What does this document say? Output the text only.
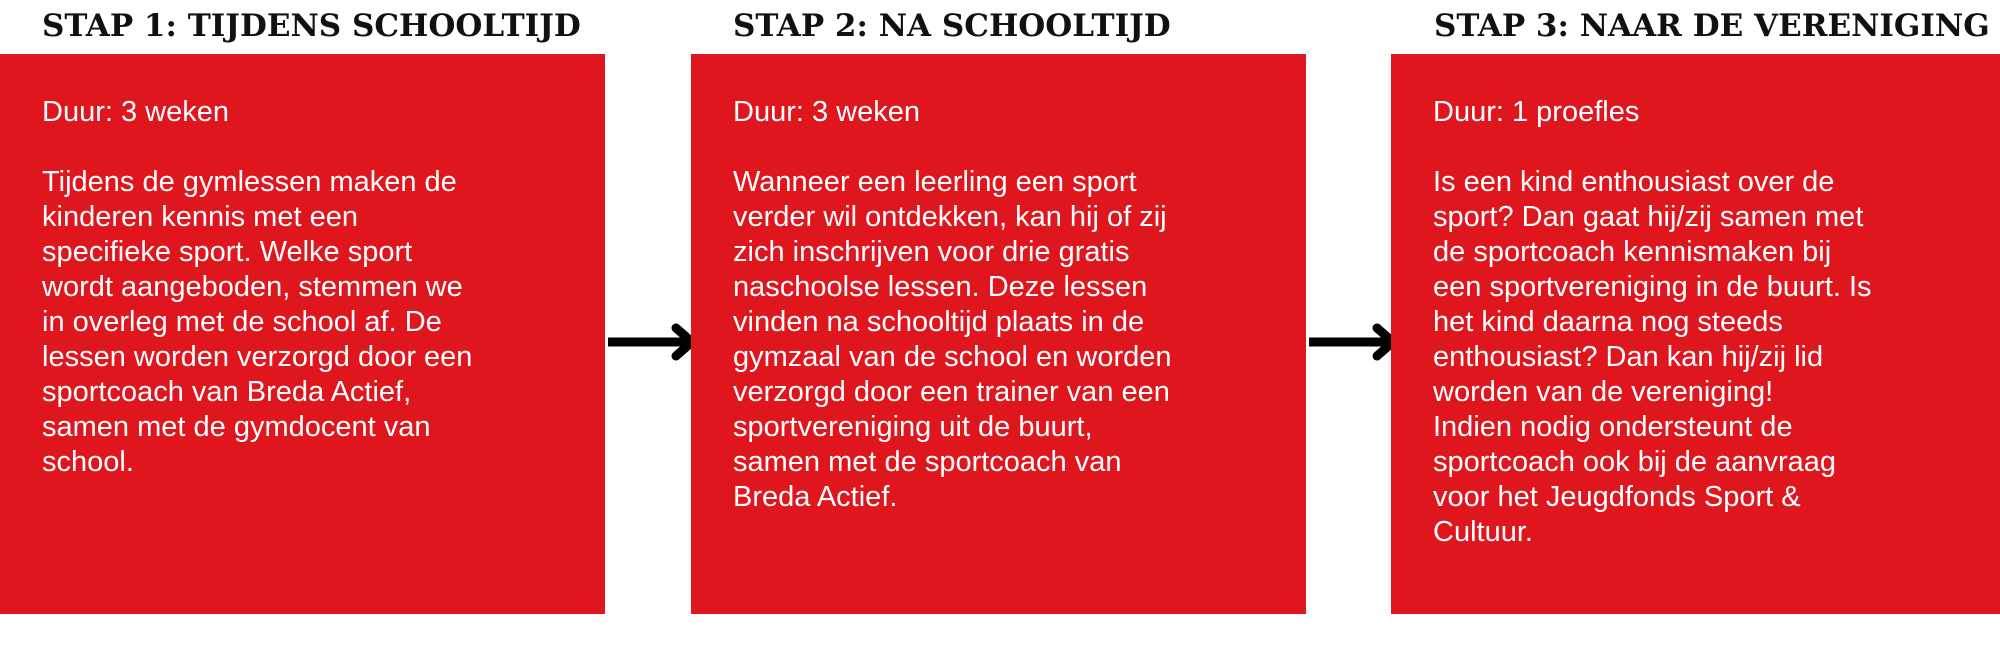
STAP 1: TIJDENS SCHOOLTIJD

Duur: 3 weken

Tijdens de gymlessen maken de
kinderen kennis met een
specifieke sport. Welke sport
wordt aangeboden, stemmen we
in overleg met de school af. De
lessen worden verzorgd door een
sportcoach van Breda Actief,
samen met de gymdocent van
school.

STAP 2: NA SCHOOLTIJD

Duur: 3 weken

Wanneer een leerling een sport
verder wil ontdekken, kan hij of zij
zich inschrijven voor drie gratis
naschoolse lessen. Deze lessen
vinden na schooltijd plaats in de
gymzaal van de school en worden
verzorgd door een trainer van een
sportvereniging uit de buurt,
samen met de sportcoach van
Breda Actief.

STAP 3: NAAR DE VERENIGING

Duur: 1 proefles

Is een kind enthousiast over de
sport? Dan gaat hij/zij samen met
de sportcoach kennismaken bij
een sportvereniging in de buurt. Is
het kind daarna nog steeds
enthousiast? Dan kan hij/zij lid
worden van de vereniging!
Indien nodig ondersteunt de
sportcoach ook bij de aanvraag
voor het Jeugdfonds Sport &
Cultuur.
